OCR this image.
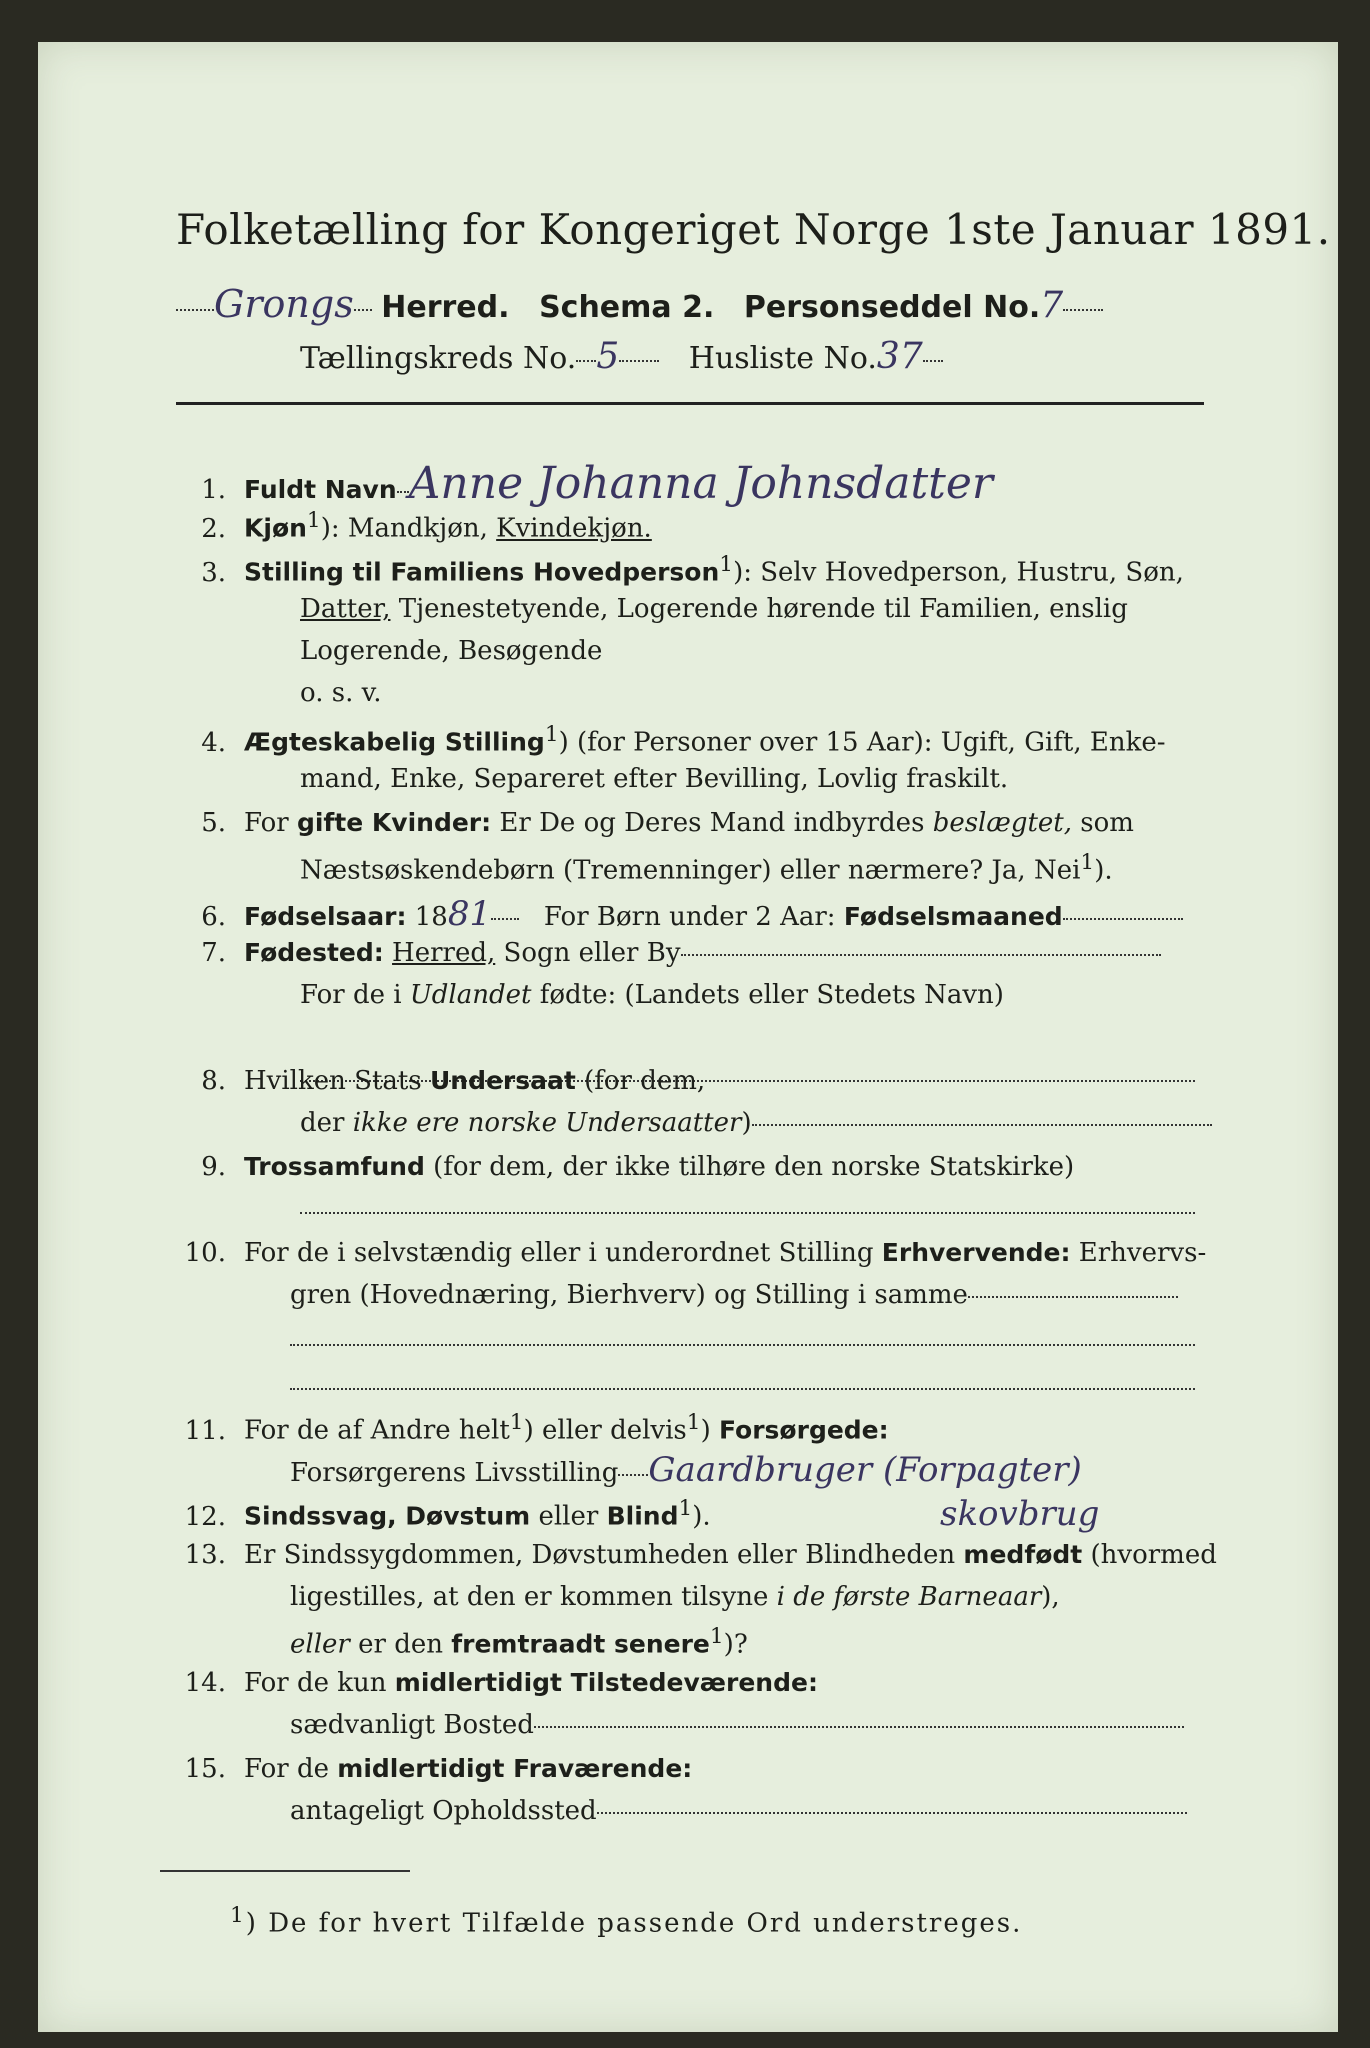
Folketælling for Kongeriget Norge 1ste Januar 1891.
Grongs Herred. Schema 2. Personseddel No.7
Tællingskreds No. 5 Husliste No.37
1. Fuldt Navn Anne Johanna Johnsdatter
2. Kjøn$^1$): Mandkjøn, Kvindekjøn.
3. Stilling til Familiens Hovedperson$^1$): Selv Hovedperson, Hustru, Søn,
Datter, Tjenestetyende, Logerende hørende til Familien, enslig
Logerende, Besøgende
o. s. v.
4. Ægteskabelig Stilling$^1$) (for Personer over 15 Aar): Ugift, Gift, Enke-
mand, Enke, Separeret efter Bevilling, Lovlig fraskilt.
5. For gifte Kvinder: Er De og Deres Mand indbyrdes beslægtet, som
Næstsøskendebørn (Tremenninger) eller nærmere? Ja, Nei$^1$).
6. Fødselsaar: 1881 For Børn under 2 Aar: Fødselsmaaned
7. Fødested: Herred, Sogn eller By
For de i Udlandet fødte: (Landets eller Stedets Navn)
8. Hvilken Stats Undersaat (for dem,
der ikke ere norske Undersaatter)
9. Trossamfund (for dem, der ikke tilhøre den norske Statskirke)
10. For de i selvstændig eller i underordnet Stilling Erhvervende: Erhvervs-
gren (Hovednæring, Bierhverv) og Stilling i samme
11. For de af Andre helt$^1$) eller delvis$^1$) Forsørgede:
Forsørgerens Livsstilling Gaardbruger (Forpagter)
skovbrug
12. Sindssvag, Døvstum eller Blind$^1$).
13. Er Sindssygdommen, Døvstumheden eller Blindheden medfødt (hvormed
ligestilles, at den er kommen tilsyne i de første Barneaar),
eller er den fremtraadt senere$^1$)?
14. For de kun midlertidigt Tilstedeværende:
sædvanligt Bosted
15. For de midlertidigt Fraværende:
antageligt Opholdssted
$^1$) De for hvert Tilfælde passende Ord understreges.
